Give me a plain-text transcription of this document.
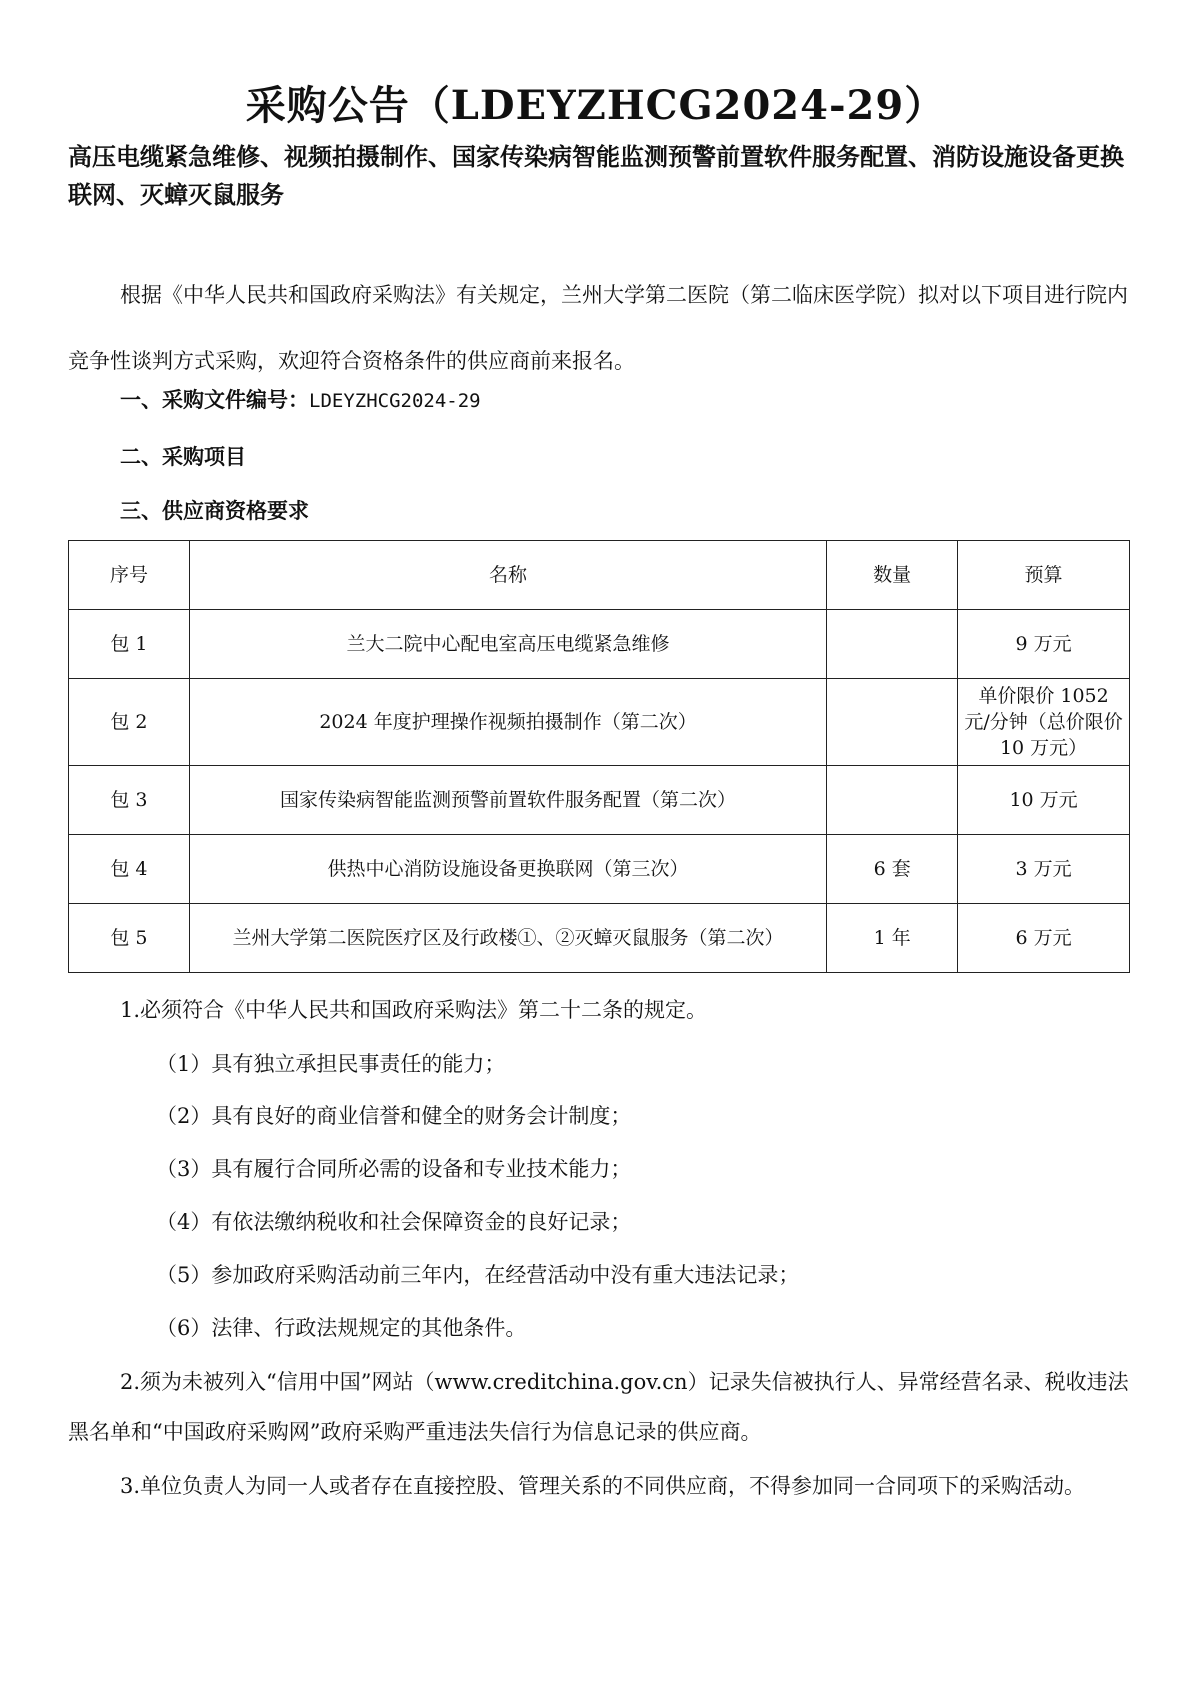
采购公告（LDEYZHCG2024-29）
高压电缆紧急维修、视频拍摄制作、国家传染病智能监测预警前置软件服务配置、消防设施设备更换联网、灭蟑灭鼠服务
根据《中华人民共和国政府采购法》有关规定，兰州大学第二医院（第二临床医学院）拟对以下项目进行院内竞争性谈判方式采购，欢迎符合资格条件的供应商前来报名。
一、采购文件编号：LDEYZHCG2024-29
二、采购项目
三、供应商资格要求
序号	名称	数量	预算
包 1	兰大二院中心配电室高压电缆紧急维修		9 万元
包 2	2024 年度护理操作视频拍摄制作（第二次）		单价限价 1052 元/分钟（总价限价 10 万元）
包 3	国家传染病智能监测预警前置软件服务配置（第二次）		10 万元
包 4	供热中心消防设施设备更换联网（第三次）	6 套	3 万元
包 5	兰州大学第二医院医疗区及行政楼①、②灭蟑灭鼠服务（第二次）	1 年	6 万元
1.必须符合《中华人民共和国政府采购法》第二十二条的规定。
（1）具有独立承担民事责任的能力；
（2）具有良好的商业信誉和健全的财务会计制度；
（3）具有履行合同所必需的设备和专业技术能力；
（4）有依法缴纳税收和社会保障资金的良好记录；
（5）参加政府采购活动前三年内，在经营活动中没有重大违法记录；
（6）法律、行政法规规定的其他条件。
2.须为未被列入“信用中国”网站（www.creditchina.gov.cn）记录失信被执行人、异常经营名录、税收违法黑名单和“中国政府采购网”政府采购严重违法失信行为信息记录的供应商。
3.单位负责人为同一人或者存在直接控股、管理关系的不同供应商，不得参加同一合同项下的采购活动。
